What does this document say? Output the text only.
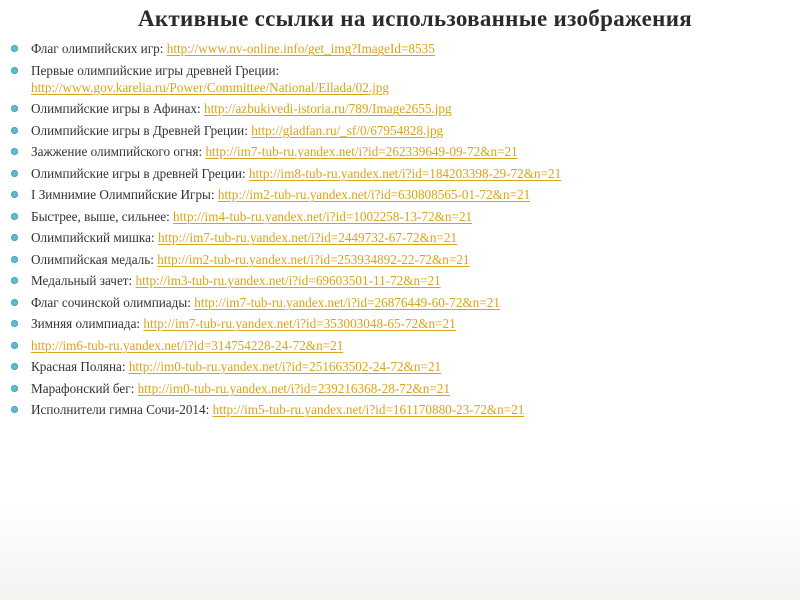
Активные ссылки на использованные изображения
Флаг олимпийских игр: http://www.nv-online.info/get_img?ImageId=8535
Первые олимпийские игры древней Греции:
http://www.gov.karelia.ru/Power/Committee/National/Ellada/02.jpg
Олимпийские игры в Афинах: http://azbukivedi-istoria.ru/789/Image2655.jpg
Олимпийские игры в Древней Греции: http://gladfan.ru/_sf/0/67954828.jpg
Зажжение олимпийского огня: http://im7-tub-ru.yandex.net/i?id=262339649-09-72&n=21
Олимпийские игры в древней Греции: http://im8-tub-ru.yandex.net/i?id=184203398-29-72&n=21
I Зимнимие Олимпийские Игры: http://im2-tub-ru.yandex.net/i?id=630808565-01-72&n=21
Быстрее, выше, сильнее: http://im4-tub-ru.yandex.net/i?id=1002258-13-72&n=21
Олимпийский мишка: http://im7-tub-ru.yandex.net/i?id=2449732-67-72&n=21
Олимпийская медаль: http://im2-tub-ru.yandex.net/i?id=253934892-22-72&n=21
Медальный зачет: http://im3-tub-ru.yandex.net/i?id=69603501-11-72&n=21
Флаг сочинской олимпиады: http://im7-tub-ru.yandex.net/i?id=26876449-60-72&n=21
Зимняя олимпиада: http://im7-tub-ru.yandex.net/i?id=353003048-65-72&n=21
http://im6-tub-ru.yandex.net/i?id=314754228-24-72&n=21
Красная Поляна: http://im0-tub-ru.yandex.net/i?id=251663502-24-72&n=21
Марафонский бег: http://im0-tub-ru.yandex.net/i?id=239216368-28-72&n=21
Исполнители гимна Сочи-2014: http://im5-tub-ru.yandex.net/i?id=161170880-23-72&n=21
